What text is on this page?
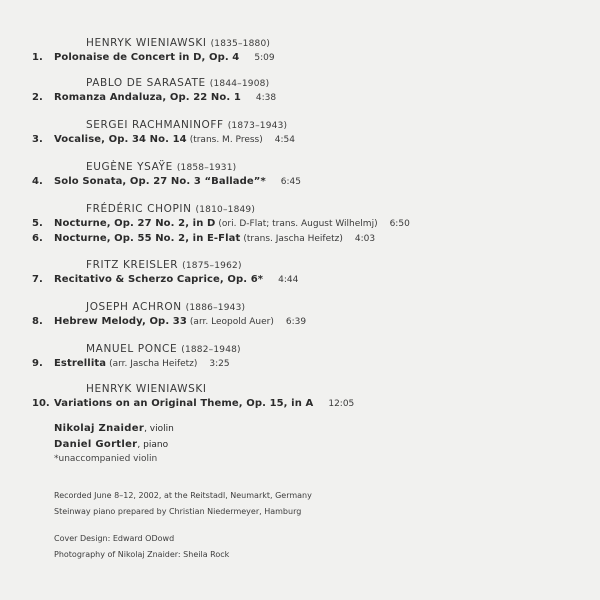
HENRYK WIENIAWSKI (1835–1880)
1. Polonaise de Concert in D, Op. 4 5:09
PABLO DE SARASATE (1844–1908)
2. Romanza Andaluza, Op. 22 No. 1 4:38
SERGEI RACHMANINOFF (1873–1943)
3. Vocalise, Op. 34 No. 14 (trans. M. Press) 4:54
EUGÈNE YSAŸE (1858–1931)
4. Solo Sonata, Op. 27 No. 3 “Ballade”* 6:45
FRÉDÉRIC CHOPIN (1810–1849)
5. Nocturne, Op. 27 No. 2, in D (ori. D-Flat; trans. August Wilhelmj) 6:50
6. Nocturne, Op. 55 No. 2, in E-Flat (trans. Jascha Heifetz) 4:03
FRITZ KREISLER (1875–1962)
7. Recitativo & Scherzo Caprice, Op. 6* 4:44
JOSEPH ACHRON (1886–1943)
8. Hebrew Melody, Op. 33 (arr. Leopold Auer) 6:39
MANUEL PONCE (1882–1948)
9. Estrellita (arr. Jascha Heifetz) 3:25
HENRYK WIENIAWSKI
10. Variations on an Original Theme, Op. 15, in A 12:05
Nikolaj Znaider, violin
Daniel Gortler, piano
*unaccompanied violin
Recorded June 8–12, 2002, at the Reitstadl, Neumarkt, Germany
Steinway piano prepared by Christian Niedermeyer, Hamburg
Cover Design: Edward ODowd
Photography of Nikolaj Znaider: Sheila Rock
